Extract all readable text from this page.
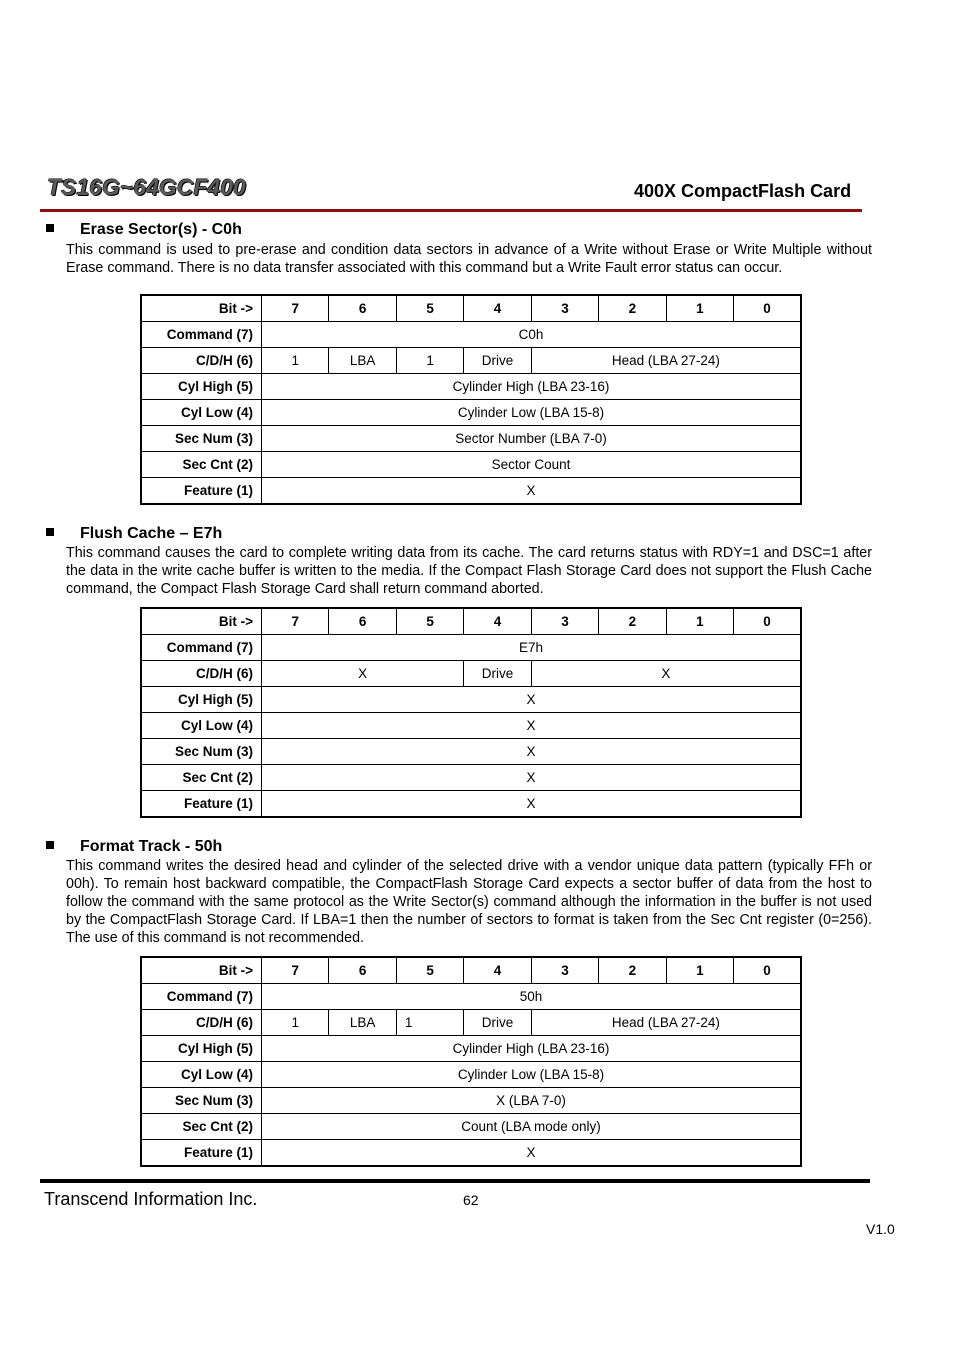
TS16G~64GCF400	400X CompactFlash Card
Erase Sector(s) - C0h
This command is used to pre-erase and condition data sectors in advance of a Write without Erase or Write Multiple without Erase command. There is no data transfer associated with this command but a Write Fault error status can occur.
Bit ->	7	6	5	4	3	2	1	0
Command (7)	C0h							
C/D/H (6)	1	LBA	1	Drive	Head (LBA 27-24)			
Cyl High (5)	Cylinder High (LBA 23-16)							
Cyl Low (4)	Cylinder Low (LBA 15-8)							
Sec Num (3)	Sector Number (LBA 7-0)							
Sec Cnt (2)	Sector Count							
Feature (1)	X							
Flush Cache – E7h
This command causes the card to complete writing data from its cache. The card returns status with RDY=1 and DSC=1 after the data in the write cache buffer is written to the media. If the Compact Flash Storage Card does not support the Flush Cache command, the Compact Flash Storage Card shall return command aborted.
Bit ->	7	6	5	4	3	2	1	0
Command (7)	E7h							
C/D/H (6)	X			Drive	X			
Cyl High (5)	X							
Cyl Low (4)	X							
Sec Num (3)	X							
Sec Cnt (2)	X							
Feature (1)	X							
Format Track - 50h
This command writes the desired head and cylinder of the selected drive with a vendor unique data pattern (typically FFh or 00h). To remain host backward compatible, the CompactFlash Storage Card expects a sector buffer of data from the host to follow the command with the same protocol as the Write Sector(s) command although the information in the buffer is not used by the CompactFlash Storage Card. If LBA=1 then the number of sectors to format is taken from the Sec Cnt register (0=256). The use of this command is not recommended.
Bit ->	7	6	5	4	3	2	1	0
Command (7)	50h							
C/D/H (6)	1	LBA	1	Drive	Head (LBA 27-24)			
Cyl High (5)	Cylinder High (LBA 23-16)							
Cyl Low (4)	Cylinder Low (LBA 15-8)							
Sec Num (3)	X (LBA 7-0)							
Sec Cnt (2)	Count (LBA mode only)							
Feature (1)	X							
Transcend Information Inc.	62
V1.0
